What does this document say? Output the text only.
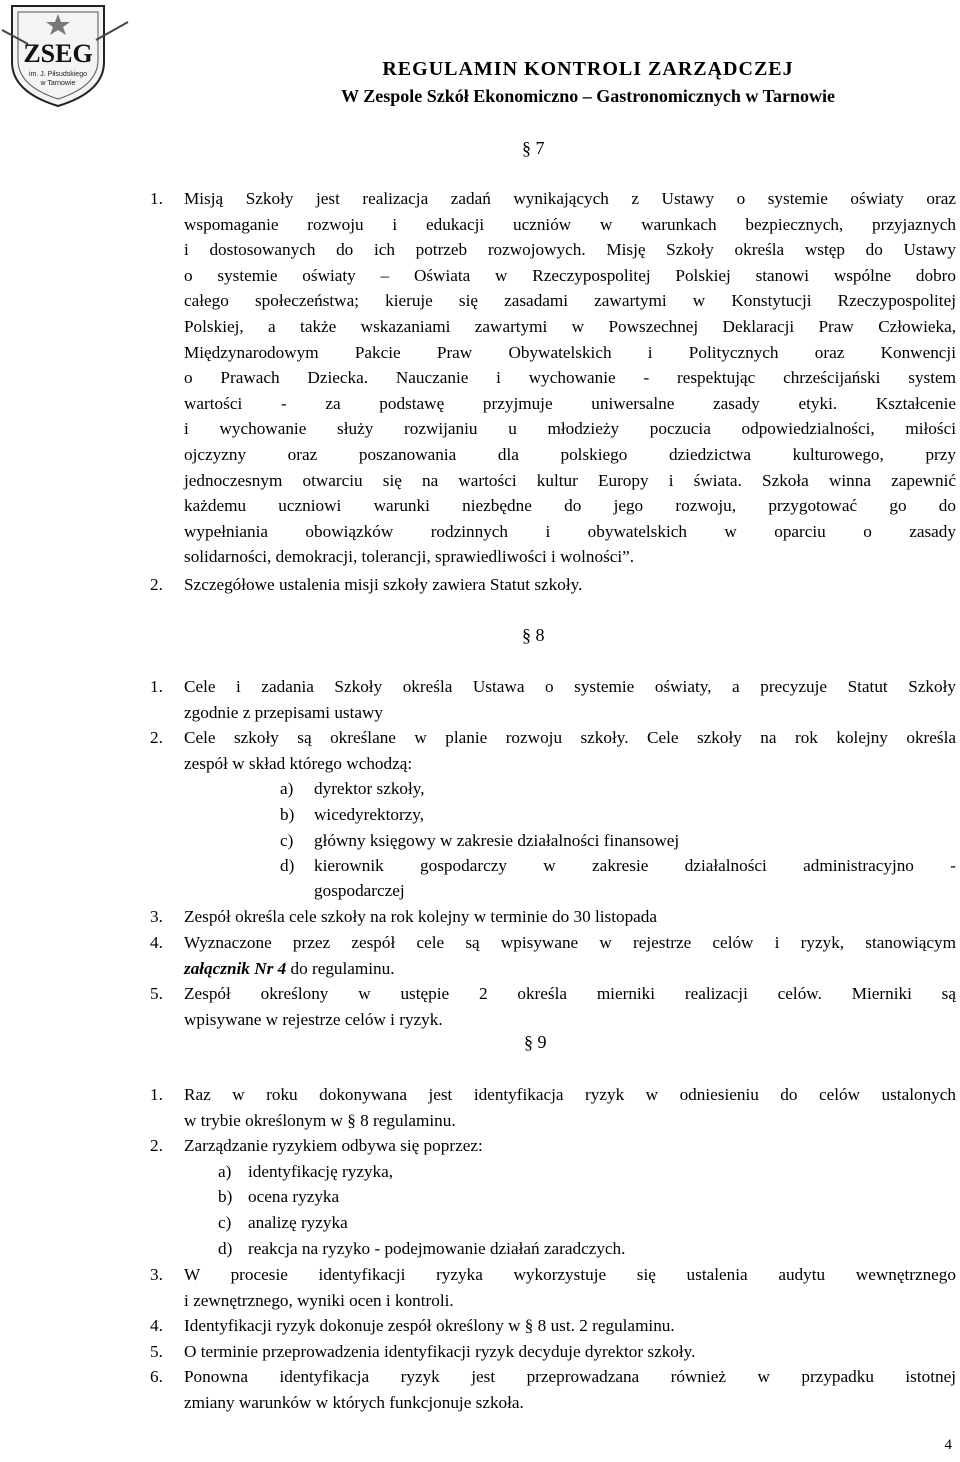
ZSEG
im. J. Piłsudskiego
w Tarnowie
REGULAMIN KONTROLI ZARZĄDCZEJ
W Zespole Szkół Ekonomiczno – Gastronomicznych w Tarnowie
§ 7
1. Misją Szkoły jest realizacja zadań wynikających z Ustawy o systemie oświaty oraz
wspomaganie rozwoju i edukacji uczniów w warunkach bezpiecznych, przyjaznych
i dostosowanych do ich potrzeb rozwojowych. Misję Szkoły określa wstęp do Ustawy
o systemie oświaty – Oświata w Rzeczypospolitej Polskiej stanowi wspólne dobro
całego społeczeństwa; kieruje się zasadami zawartymi w Konstytucji Rzeczypospolitej
Polskiej, a także wskazaniami zawartymi w Powszechnej Deklaracji Praw Człowieka,
Międzynarodowym Pakcie Praw Obywatelskich i Politycznych oraz Konwencji
o Prawach Dziecka. Nauczanie i wychowanie - respektując chrześcijański system
wartości - za podstawę przyjmuje uniwersalne zasady etyki. Kształcenie
i wychowanie służy rozwijaniu u młodzieży poczucia odpowiedzialności, miłości
ojczyzny oraz poszanowania dla polskiego dziedzictwa kulturowego, przy
jednoczesnym otwarciu się na wartości kultur Europy i świata. Szkoła winna zapewnić
każdemu uczniowi warunki niezbędne do jego rozwoju, przygotować go do
wypełniania obowiązków rodzinnych i obywatelskich w oparciu o zasady
solidarności, demokracji, tolerancji, sprawiedliwości i wolności”.
2. Szczegółowe ustalenia misji szkoły zawiera Statut szkoły.
§ 8
1. Cele i zadania Szkoły określa Ustawa o systemie oświaty, a precyzuje Statut Szkoły
zgodnie z przepisami ustawy
2. Cele szkoły są określane w planie rozwoju szkoły. Cele szkoły na rok kolejny określa
zespół w skład którego wchodzą:
a) dyrektor szkoły,
b) wicedyrektorzy,
c) główny księgowy w zakresie działalności finansowej
d) kierownik gospodarczy w zakresie działalności administracyjno -
gospodarczej
3. Zespół określa cele szkoły na rok kolejny w terminie do 30 listopada
4. Wyznaczone przez zespół cele są wpisywane w rejestrze celów i ryzyk, stanowiącym
załącznik Nr 4 do regulaminu.
5. Zespół określony w ustępie 2 określa mierniki realizacji celów. Mierniki są
wpisywane w rejestrze celów i ryzyk.
§ 9
1. Raz w roku dokonywana jest identyfikacja ryzyk w odniesieniu do celów ustalonych
w trybie określonym w § 8 regulaminu.
2. Zarządzanie ryzykiem odbywa się poprzez:
a) identyfikację ryzyka,
b) ocena ryzyka
c) analizę ryzyka
d) reakcja na ryzyko - podejmowanie działań zaradczych.
3. W procesie identyfikacji ryzyka wykorzystuje się ustalenia audytu wewnętrznego
i zewnętrznego, wyniki ocen i kontroli.
4. Identyfikacji ryzyk dokonuje zespół określony w § 8 ust. 2 regulaminu.
5. O terminie przeprowadzenia identyfikacji ryzyk decyduje dyrektor szkoły.
6. Ponowna identyfikacja ryzyk jest przeprowadzana również w przypadku istotnej
zmiany warunków w których funkcjonuje szkoła.
4
